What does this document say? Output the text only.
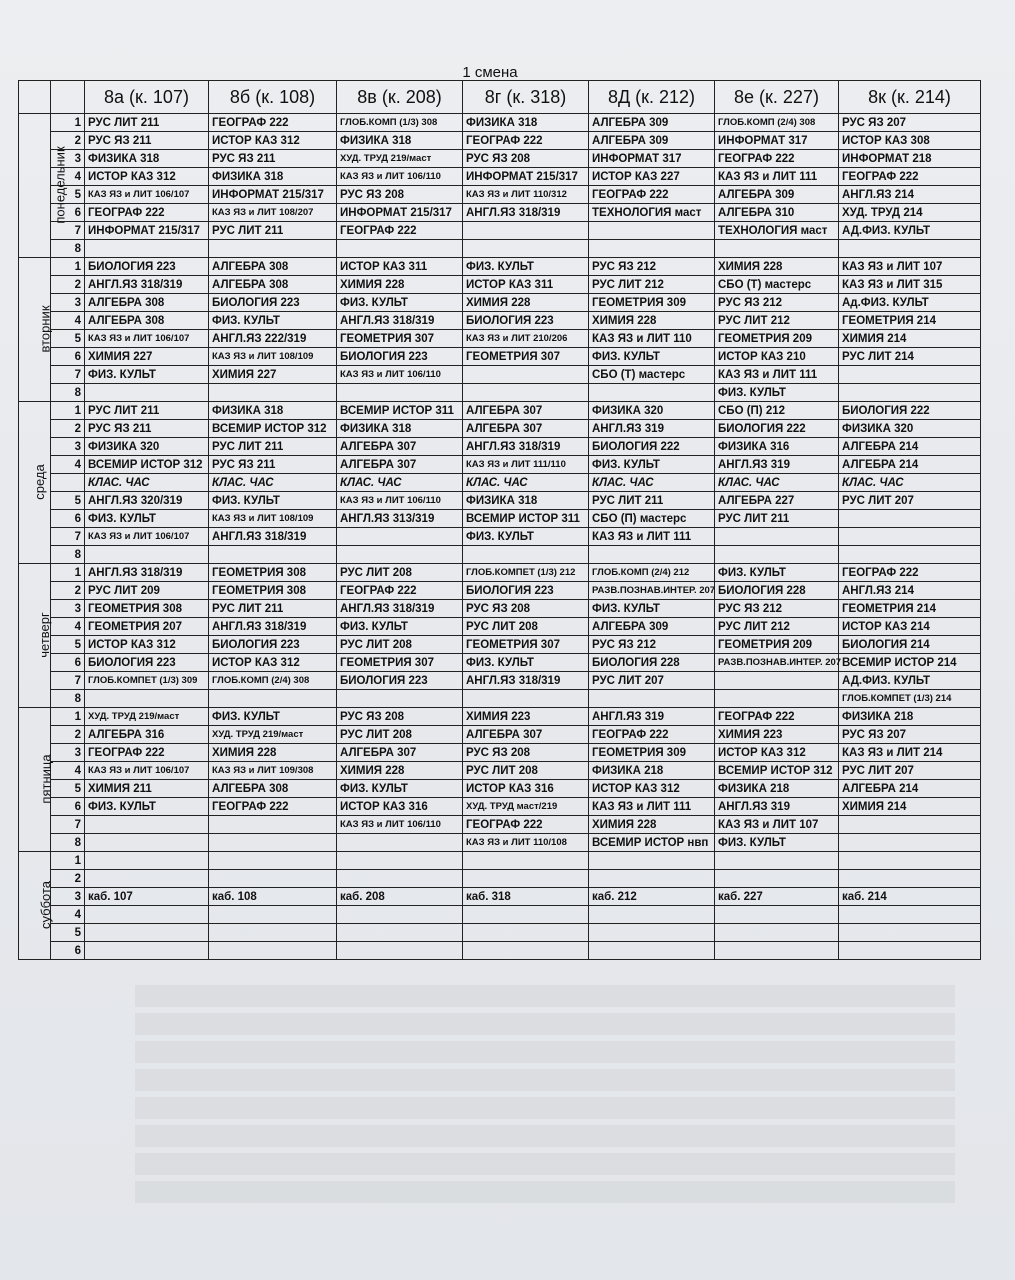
1 смена
		8а (к. 107)	8б (к. 108)	8в (к. 208)	8г (к. 318)	8Д (к. 212)	8е (к. 227)	8к (к. 214)
понедельник	1	РУС ЛИТ 211	ГЕОГРАФ 222	ГЛОБ.КОМП (1/3) 308	ФИЗИКА 318	АЛГЕБРА 309	ГЛОБ.КОМП (2/4) 308	РУС ЯЗ 207
	2	РУС ЯЗ 211	ИСТОР КАЗ 312	ФИЗИКА 318	ГЕОГРАФ 222	АЛГЕБРА 309	ИНФОРМАТ 317	ИСТОР КАЗ 308
	3	ФИЗИКА 318	РУС ЯЗ 211	ХУД. ТРУД 219/маст	РУС ЯЗ 208	ИНФОРМАТ 317	ГЕОГРАФ 222	ИНФОРМАТ 218
	4	ИСТОР КАЗ 312	ФИЗИКА 318	КАЗ ЯЗ и ЛИТ 106/110	ИНФОРМАТ 215/317	ИСТОР КАЗ 227	КАЗ ЯЗ и ЛИТ 111	ГЕОГРАФ 222
	5	КАЗ ЯЗ и ЛИТ 106/107	ИНФОРМАТ 215/317	РУС ЯЗ 208	КАЗ ЯЗ и ЛИТ 110/312	ГЕОГРАФ 222	АЛГЕБРА 309	АНГЛ.ЯЗ 214
	6	ГЕОГРАФ 222	КАЗ ЯЗ и ЛИТ 108/207	ИНФОРМАТ 215/317	АНГЛ.ЯЗ 318/319	ТЕХНОЛОГИЯ маст	АЛГЕБРА 310	ХУД. ТРУД 214
	7	ИНФОРМАТ 215/317	РУС ЛИТ 211	ГЕОГРАФ 222			ТЕХНОЛОГИЯ маст	АД.ФИЗ. КУЛЬТ
	8							
вторник	1	БИОЛОГИЯ 223	АЛГЕБРА 308	ИСТОР КАЗ 311	ФИЗ. КУЛЬТ	РУС ЯЗ 212	ХИМИЯ 228	КАЗ ЯЗ и ЛИТ 107
	2	АНГЛ.ЯЗ 318/319	АЛГЕБРА 308	ХИМИЯ 228	ИСТОР КАЗ 311	РУС ЛИТ 212	СБО (Т) мастерс	КАЗ ЯЗ и ЛИТ 315
	3	АЛГЕБРА 308	БИОЛОГИЯ 223	ФИЗ. КУЛЬТ	ХИМИЯ 228	ГЕОМЕТРИЯ 309	РУС ЯЗ 212	Ад.ФИЗ. КУЛЬТ
	4	АЛГЕБРА 308	ФИЗ. КУЛЬТ	АНГЛ.ЯЗ 318/319	БИОЛОГИЯ 223	ХИМИЯ 228	РУС ЛИТ 212	ГЕОМЕТРИЯ 214
	5	КАЗ ЯЗ и ЛИТ 106/107	АНГЛ.ЯЗ 222/319	ГЕОМЕТРИЯ 307	КАЗ ЯЗ и ЛИТ 210/206	КАЗ ЯЗ и ЛИТ 110	ГЕОМЕТРИЯ 209	ХИМИЯ 214
	6	ХИМИЯ 227	КАЗ ЯЗ и ЛИТ 108/109	БИОЛОГИЯ 223	ГЕОМЕТРИЯ 307	ФИЗ. КУЛЬТ	ИСТОР КАЗ 210	РУС ЛИТ 214
	7	ФИЗ. КУЛЬТ	ХИМИЯ 227	КАЗ ЯЗ и ЛИТ 106/110		СБО (Т) мастерс	КАЗ ЯЗ и ЛИТ 111	
	8						ФИЗ. КУЛЬТ	
среда	1	РУС ЛИТ 211	ФИЗИКА 318	ВСЕМИР ИСТОР 311	АЛГЕБРА 307	ФИЗИКА 320	СБО (П) 212	БИОЛОГИЯ 222
	2	РУС ЯЗ 211	ВСЕМИР ИСТОР 312	ФИЗИКА 318	АЛГЕБРА 307	АНГЛ.ЯЗ 319	БИОЛОГИЯ 222	ФИЗИКА 320
	3	ФИЗИКА 320	РУС ЛИТ 211	АЛГЕБРА 307	АНГЛ.ЯЗ 318/319	БИОЛОГИЯ 222	ФИЗИКА 316	АЛГЕБРА 214
	4	ВСЕМИР ИСТОР 312	РУС ЯЗ 211	АЛГЕБРА 307	КАЗ ЯЗ и ЛИТ 111/110	ФИЗ. КУЛЬТ	АНГЛ.ЯЗ 319	АЛГЕБРА 214
		КЛАС. ЧАС	КЛАС. ЧАС	КЛАС. ЧАС	КЛАС. ЧАС	КЛАС. ЧАС	КЛАС. ЧАС	КЛАС. ЧАС
	5	АНГЛ.ЯЗ 320/319	ФИЗ. КУЛЬТ	КАЗ ЯЗ и ЛИТ 106/110	ФИЗИКА 318	РУС ЛИТ 211	АЛГЕБРА 227	РУС ЛИТ 207
	6	ФИЗ. КУЛЬТ	КАЗ ЯЗ и ЛИТ 108/109	АНГЛ.ЯЗ 313/319	ВСЕМИР ИСТОР 311	СБО (П) мастерс	РУС ЛИТ 211	
	7	КАЗ ЯЗ и ЛИТ 106/107	АНГЛ.ЯЗ 318/319		ФИЗ. КУЛЬТ	КАЗ ЯЗ и ЛИТ 111		
	8							
четверг	1	АНГЛ.ЯЗ 318/319	ГЕОМЕТРИЯ 308	РУС ЛИТ 208	ГЛОБ.КОМПЕТ (1/3) 212	ГЛОБ.КОМП (2/4) 212	ФИЗ. КУЛЬТ	ГЕОГРАФ 222
	2	РУС ЛИТ 209	ГЕОМЕТРИЯ 308	ГЕОГРАФ 222	БИОЛОГИЯ 223	РАЗВ.ПОЗНАВ.ИНТЕР. 207	БИОЛОГИЯ 228	АНГЛ.ЯЗ 214
	3	ГЕОМЕТРИЯ 308	РУС ЛИТ 211	АНГЛ.ЯЗ 318/319	РУС ЯЗ 208	ФИЗ. КУЛЬТ	РУС ЯЗ 212	ГЕОМЕТРИЯ 214
	4	ГЕОМЕТРИЯ 207	АНГЛ.ЯЗ 318/319	ФИЗ. КУЛЬТ	РУС ЛИТ 208	АЛГЕБРА 309	РУС ЛИТ 212	ИСТОР КАЗ 214
	5	ИСТОР КАЗ 312	БИОЛОГИЯ 223	РУС ЛИТ 208	ГЕОМЕТРИЯ 307	РУС ЯЗ 212	ГЕОМЕТРИЯ 209	БИОЛОГИЯ 214
	6	БИОЛОГИЯ 223	ИСТОР КАЗ 312	ГЕОМЕТРИЯ 307	ФИЗ. КУЛЬТ	БИОЛОГИЯ 228	РАЗВ.ПОЗНАВ.ИНТЕР. 207	ВСЕМИР ИСТОР 214
	7	ГЛОБ.КОМПЕТ (1/3) 309	ГЛОБ.КОМП (2/4) 308	БИОЛОГИЯ 223	АНГЛ.ЯЗ 318/319	РУС ЛИТ 207		АД.ФИЗ. КУЛЬТ
	8							ГЛОБ.КОМПЕТ (1/3) 214
пятница	1	ХУД. ТРУД 219/маст	ФИЗ. КУЛЬТ	РУС ЯЗ 208	ХИМИЯ 223	АНГЛ.ЯЗ 319	ГЕОГРАФ 222	ФИЗИКА 218
	2	АЛГЕБРА 316	ХУД. ТРУД 219/маст	РУС ЛИТ 208	АЛГЕБРА 307	ГЕОГРАФ 222	ХИМИЯ 223	РУС ЯЗ 207
	3	ГЕОГРАФ 222	ХИМИЯ 228	АЛГЕБРА 307	РУС ЯЗ 208	ГЕОМЕТРИЯ 309	ИСТОР КАЗ 312	КАЗ ЯЗ и ЛИТ 214
	4	КАЗ ЯЗ и ЛИТ 106/107	КАЗ ЯЗ и ЛИТ 109/308	ХИМИЯ 228	РУС ЛИТ 208	ФИЗИКА 218	ВСЕМИР ИСТОР 312	РУС ЛИТ 207
	5	ХИМИЯ 211	АЛГЕБРА 308	ФИЗ. КУЛЬТ	ИСТОР КАЗ 316	ИСТОР КАЗ 312	ФИЗИКА 218	АЛГЕБРА 214
	6	ФИЗ. КУЛЬТ	ГЕОГРАФ 222	ИСТОР КАЗ 316	ХУД. ТРУД маст/219	КАЗ ЯЗ и ЛИТ 111	АНГЛ.ЯЗ 319	ХИМИЯ 214
	7			КАЗ ЯЗ и ЛИТ 106/110	ГЕОГРАФ 222	ХИМИЯ 228	КАЗ ЯЗ и ЛИТ 107	
	8				КАЗ ЯЗ и ЛИТ 110/108	ВСЕМИР ИСТОР нвп	ФИЗ. КУЛЬТ	
суббота	1							
	2							
	3	каб. 107	каб. 108	каб. 208	каб. 318	каб. 212	каб. 227	каб. 214
	4							
	5							
	6							
